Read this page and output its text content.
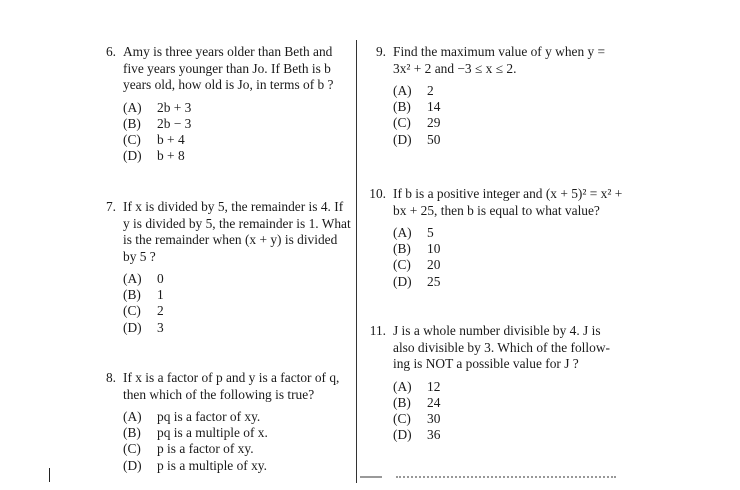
6. Amy is three years older than Beth and
five years younger than Jo. If Beth is b
years old, how old is Jo, in terms of b ?

(A)	2b + 3
(B)	2b − 3
(C)	b + 4
(D)	b + 8
7. If x is divided by 5, the remainder is 4. If
y is divided by 5, the remainder is 1. What
is the remainder when (x + y) is divided
by 5 ?

(A)	0
(B)	1
(C)	2
(D)	3
8. If x is a factor of p and y is a factor of q,
then which of the following is true?

(A)	pq is a factor of xy.
(B)	pq is a multiple of x.
(C)	p is a factor of xy.
(D)	p is a multiple of xy.
9. Find the maximum value of y when y =
3x² + 2 and −3 ≤ x ≤ 2.

(A)	2
(B)	14
(C)	29
(D)	50
10. If b is a positive integer and (x + 5)² = x² +
bx + 25, then b is equal to what value?

(A)	5
(B)	10
(C)	20
(D)	25
11. J is a whole number divisible by 4. J is
also divisible by 3. Which of the follow-
ing is NOT a possible value for J ?

(A)	12
(B)	24
(C)	30
(D)	36
